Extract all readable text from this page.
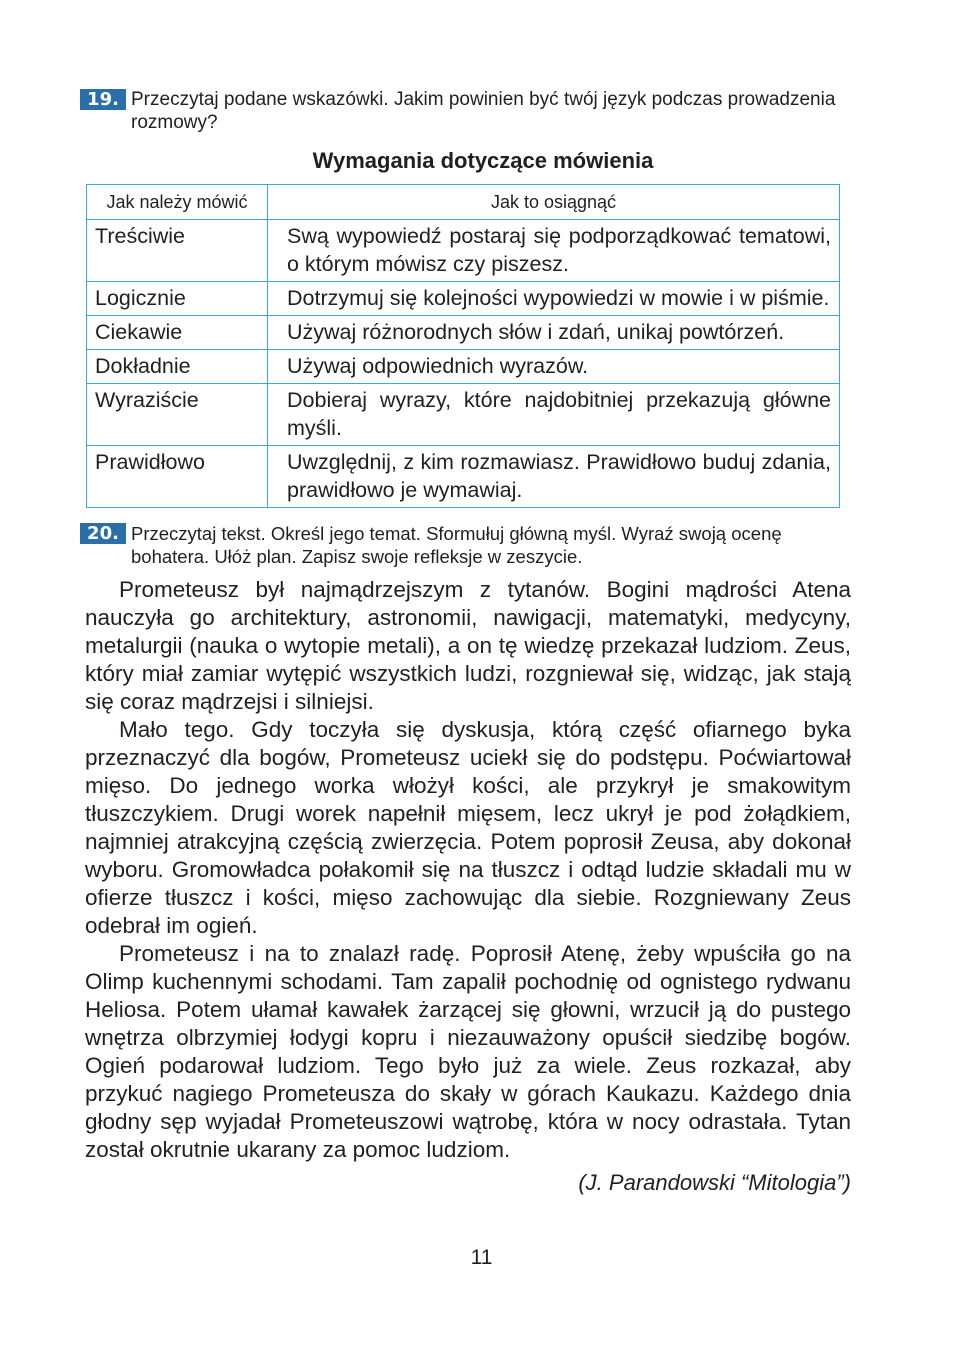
19. Przeczytaj podane wskazówki. Jakim powinien być twój język podczas prowadzenia rozmowy?
Wymagania dotyczące mówienia
Jak należy mówić	Jak to osiągnąć
Treściwie	Swą wypowiedź postaraj się podporządkować tematowi, o którym mówisz czy piszesz.
Logicznie	Dotrzymuj się kolejności wypowiedzi w mowie i w piśmie.
Ciekawie	Używaj różnorodnych słów i zdań, unikaj powtórzeń.
Dokładnie	Używaj odpowiednich wyrazów.
Wyraziście	Dobieraj wyrazy, które najdobitniej przekazują główne myśli.
Prawidłowo	Uwzględnij, z kim rozmawiasz. Prawidłowo buduj zdania, prawidłowo je wymawiaj.
20. Przeczytaj tekst. Określ jego temat. Sformułuj główną myśl. Wyraź swoją ocenę bohatera. Ułóż plan. Zapisz swoje refleksje w zeszycie.

Prometeusz był najmądrzejszym z tytanów. Bogini mądrości Atena nauczyła go architektury, astronomii, nawigacji, matematyki, medycyny, metalurgii (nauka o wytopie metali), a on tę wiedzę przekazał ludziom. Zeus, który miał zamiar wytępić wszystkich ludzi, rozgniewał się, widząc, jak stają się coraz mądrzejsi i silniejsi.

Mało tego. Gdy toczyła się dyskusja, którą część ofiarnego byka przeznaczyć dla bogów, Prometeusz uciekł się do podstępu. Poćwiartował mięso. Do jednego worka włożył kości, ale przykrył je smakowitym tłuszczykiem. Drugi worek napełnił mięsem, lecz ukrył je pod żołądkiem, najmniej atrakcyjną częścią zwierzęcia. Potem poprosił Zeusa, aby dokonał wyboru. Gromowładca połakomił się na tłuszcz i odtąd ludzie składali mu w ofierze tłuszcz i kości, mięso zachowując dla siebie. Rozgniewany Zeus odebrał im ogień.

Prometeusz i na to znalazł radę. Poprosił Atenę, żeby wpuściła go na Olimp kuchennymi schodami. Tam zapalił pochodnię od ognistego rydwanu Heliosa. Potem ułamał kawałek żarzącej się głowni, wrzucił ją do pustego wnętrza olbrzymiej łodygi kopru i niezauważony opuścił siedzibę bogów. Ogień podarował ludziom. Tego było już za wiele. Zeus rozkazał, aby przykuć nagiego Prometeusza do skały w górach Kaukazu. Każdego dnia głodny sęp wyjadał Prometeuszowi wątrobę, która w nocy odrastała. Tytan został okrutnie ukarany za pomoc ludziom.

(J. Parandowski “Mitologia”)
11
